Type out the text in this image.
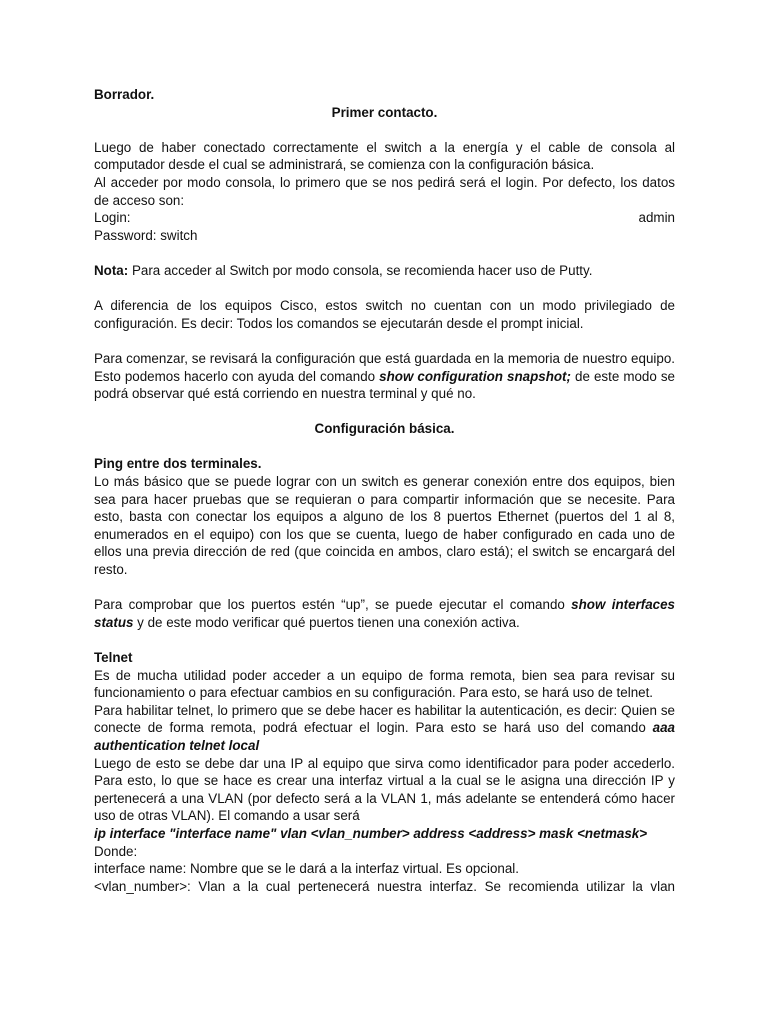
Borrador.

Primer contacto.

Luego de haber conectado correctamente el switch a la energía y el cable de consola al computador desde el cual se administrará, se comienza con la configuración básica.

Al acceder por modo consola, lo primero que se nos pedirá será el login. Por defecto, los datos de acceso son:

Login:	admin

Password: switch

Nota: Para acceder al Switch por modo consola, se recomienda hacer uso de Putty.

A diferencia de los equipos Cisco, estos switch no cuentan con un modo privilegiado de configuración. Es decir: Todos los comandos se ejecutarán desde el prompt inicial.

Para comenzar, se revisará la configuración que está guardada en la memoria de nuestro equipo. Esto podemos hacerlo con ayuda del comando show configuration snapshot; de este modo se podrá observar qué está corriendo en nuestra terminal y qué no.

Configuración básica.

Ping entre dos terminales.

Lo más básico que se puede lograr con un switch es generar conexión entre dos equipos, bien sea para hacer pruebas que se requieran o para compartir información que se necesite. Para esto, basta con conectar los equipos a alguno de los 8 puertos Ethernet (puertos del 1 al 8, enumerados en el equipo) con los que se cuenta, luego de haber configurado en cada uno de ellos una previa dirección de red (que coincida en ambos, claro está); el switch se encargará del resto.

Para comprobar que los puertos estén “up”, se puede ejecutar el comando show interfaces status y de este modo verificar qué puertos tienen una conexión activa.

Telnet

Es de mucha utilidad poder acceder a un equipo de forma remota, bien sea para revisar su funcionamiento o para efectuar cambios en su configuración. Para esto, se hará uso de telnet.

Para habilitar telnet, lo primero que se debe hacer es habilitar la autenticación, es decir: Quien se conecte de forma remota, podrá efectuar el login. Para esto se hará uso del comando aaa authentication telnet local

Luego de esto se debe dar una IP al equipo que sirva como identificador para poder accederlo. Para esto, lo que se hace es crear una interfaz virtual a la cual se le asigna una dirección IP y pertenecerá a una VLAN (por defecto será a la VLAN 1, más adelante se entenderá cómo hacer uso de otras VLAN). El comando a usar será

ip interface "interface name" vlan <vlan_number> address <address> mask <netmask>

Donde:

interface name: Nombre que se le dará a la interfaz virtual. Es opcional.

<vlan_number>: Vlan a la cual pertenecerá nuestra interfaz. Se recomienda utilizar la vlan
